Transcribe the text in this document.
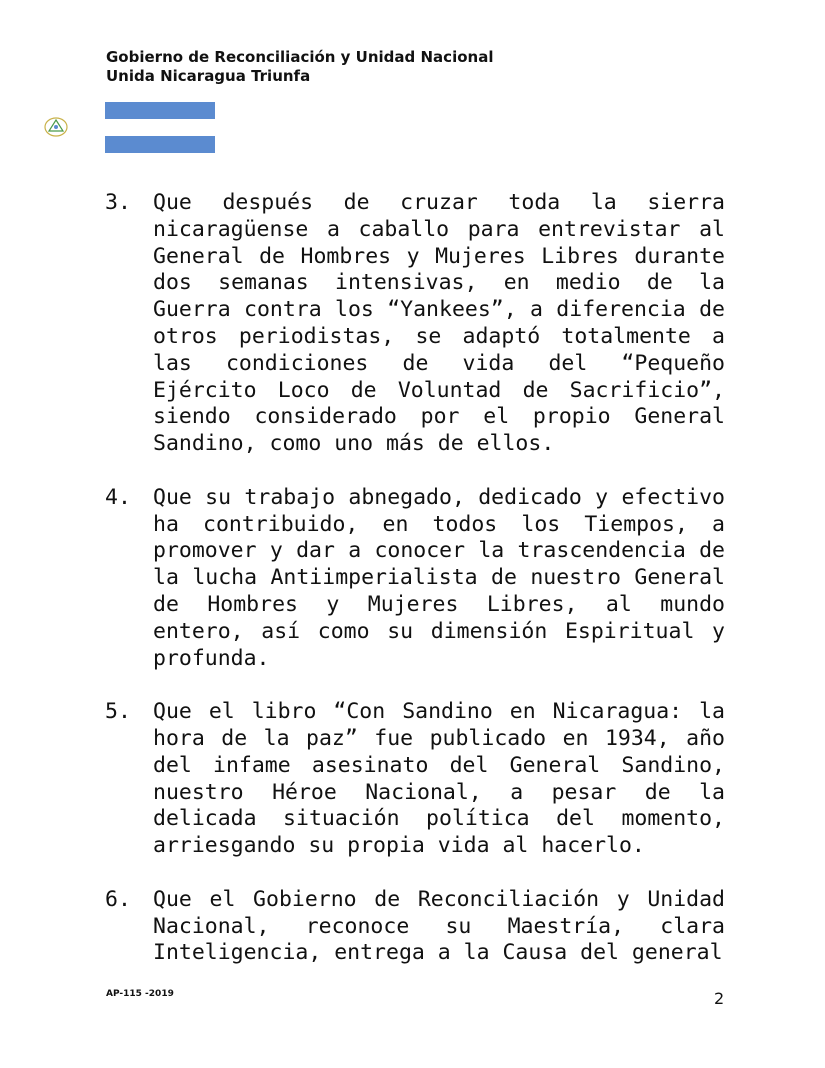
Gobierno de Reconciliación y Unidad Nacional
Unida Nicaragua Triunfa
3.	Que después de cruzar toda la sierra nicaragüense a caballo para entrevistar al General de Hombres y Mujeres Libres durante dos semanas intensivas, en medio de la Guerra contra los “Yankees”, a diferencia de otros periodistas, se adaptó totalmente a las condiciones de vida del “Pequeño Ejército Loco de Voluntad de Sacrificio”, siendo considerado por el propio General Sandino, como uno más de ellos.
4.	Que su trabajo abnegado, dedicado y efectivo ha contribuido, en todos los Tiempos, a promover y dar a conocer la trascendencia de la lucha Antiimperialista de nuestro General de Hombres y Mujeres Libres, al mundo entero, así como su dimensión Espiritual y profunda.
5.	Que el libro “Con Sandino en Nicaragua: la hora de la paz” fue publicado en 1934, año del infame asesinato del General Sandino, nuestro Héroe Nacional, a pesar de la delicada situación política del momento, arriesgando su propia vida al hacerlo.
6.	Que el Gobierno de Reconciliación y Unidad Nacional, reconoce su Maestría, clara Inteligencia, entrega a la Causa del general
AP-115 -2019	2
